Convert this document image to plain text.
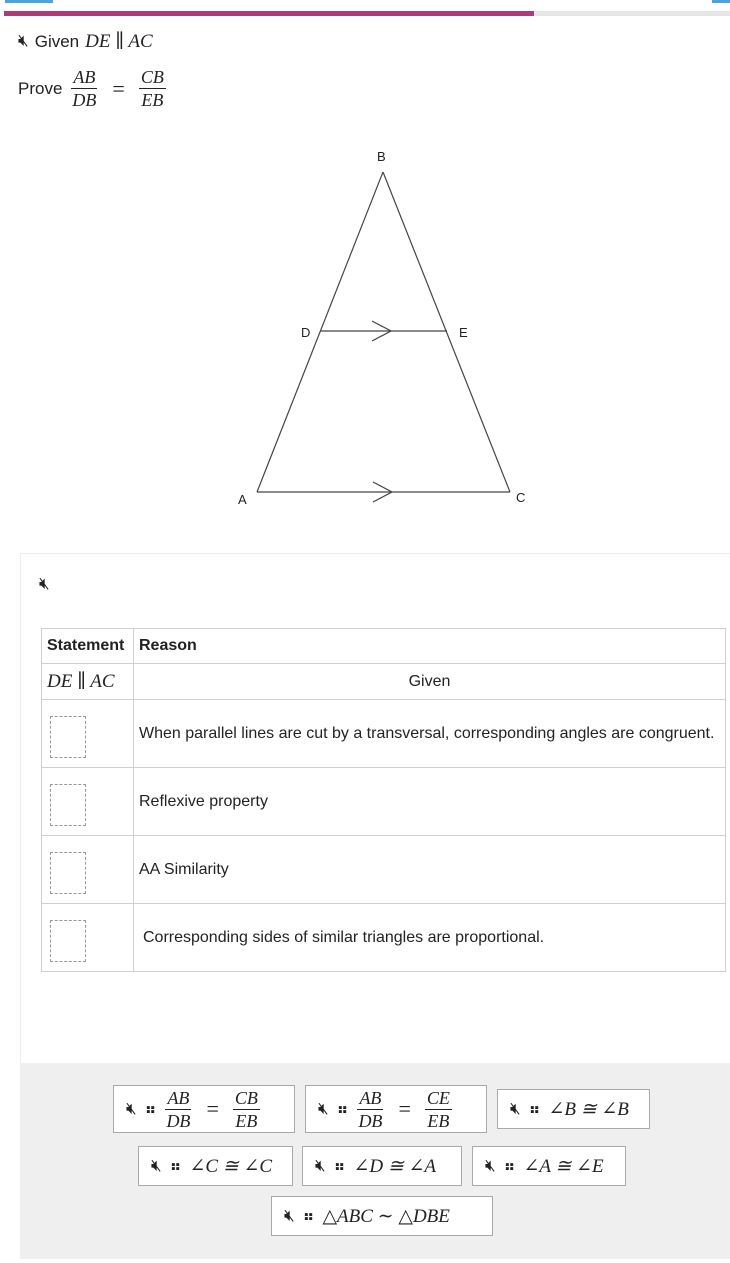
🔇︎ Given DE ∥ AC
Prove $\frac{AB}{DB} = \frac{CB}{EB}$
B
D	E
A	C
🔇︎
Statement	Reason
DE ∥ AC	Given

	When parallel lines are cut by a transversal, corresponding angles are congruent.

	Reflexive property

	AA Similarity

	Corresponding sides of similar triangles are proportional.
🔇︎ ⠶ $\frac{AB}{DB} = \frac{CB}{EB}$	🔇︎ ⠶ $\frac{AB}{DB} = \frac{CE}{EB}$	🔇︎ ⠶ ∠B ≅ ∠B
🔇︎ ⠶ ∠C ≅ ∠C	🔇︎ ⠶ ∠D ≅ ∠A	🔇︎ ⠶ ∠A ≅ ∠E
🔇︎ ⠶ △ABC ∼ △DBE
